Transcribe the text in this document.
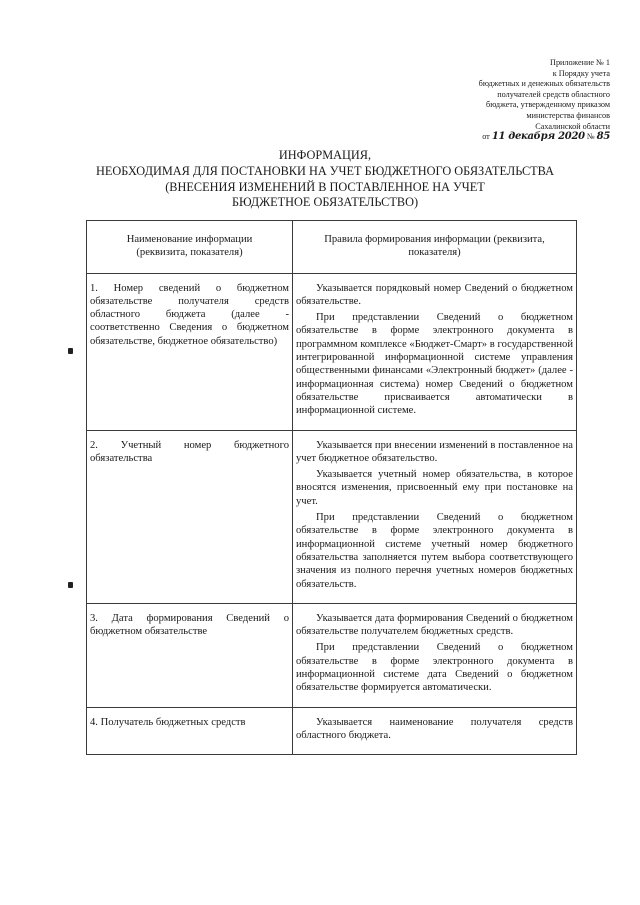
Приложение № 1
к Порядку учета
бюджетных и денежных обязательств
получателей средств областного
бюджета, утвержденному приказом
министерства финансов
Сахалинской области
от 11 декабря 2020 № 85
ИНФОРМАЦИЯ,
НЕОБХОДИМАЯ ДЛЯ ПОСТАНОВКИ НА УЧЕТ БЮДЖЕТНОГО ОБЯЗАТЕЛЬСТВА
(ВНЕСЕНИЯ ИЗМЕНЕНИЙ В ПОСТАВЛЕННОЕ НА УЧЕТ
БЮДЖЕТНОЕ ОБЯЗАТЕЛЬСТВО)
Наименование информации
(реквизита, показателя)	Правила формирования информации (реквизита,
показателя)

1. Номер сведений о бюджетном обязательстве получателя средств областного бюджета (далее - соответственно Сведения о бюджетном обязательстве, бюджетное обязательство)	Указывается порядковый номер Сведений о бюджетном обязательстве.
При представлении Сведений о бюджетном обязательстве в форме электронного документа в программном комплексе «Бюджет-Смарт» в государственной интегрированной информационной системе управления общественными финансами «Электронный бюджет» (далее - информационная система) номер Сведений о бюджетном обязательстве присваивается автоматически в информационной системе.

2. Учетный номер бюджетного обязательства	Указывается при внесении изменений в поставленное на учет бюджетное обязательство.
Указывается учетный номер обязательства, в которое вносятся изменения, присвоенный ему при постановке на учет.
При представлении Сведений о бюджетном обязательстве в форме электронного документа в информационной системе учетный номер бюджетного обязательства заполняется путем выбора соответствующего значения из полного перечня учетных номеров бюджетных обязательств.

3. Дата формирования Сведений о бюджетном обязательстве	Указывается дата формирования Сведений о бюджетном обязательстве получателем бюджетных средств.
При представлении Сведений о бюджетном обязательстве в форме электронного документа в информационной системе дата Сведений о бюджетном обязательстве формируется автоматически.

4. Получатель бюджетных средств	Указывается наименование получателя средств областного бюджета.
